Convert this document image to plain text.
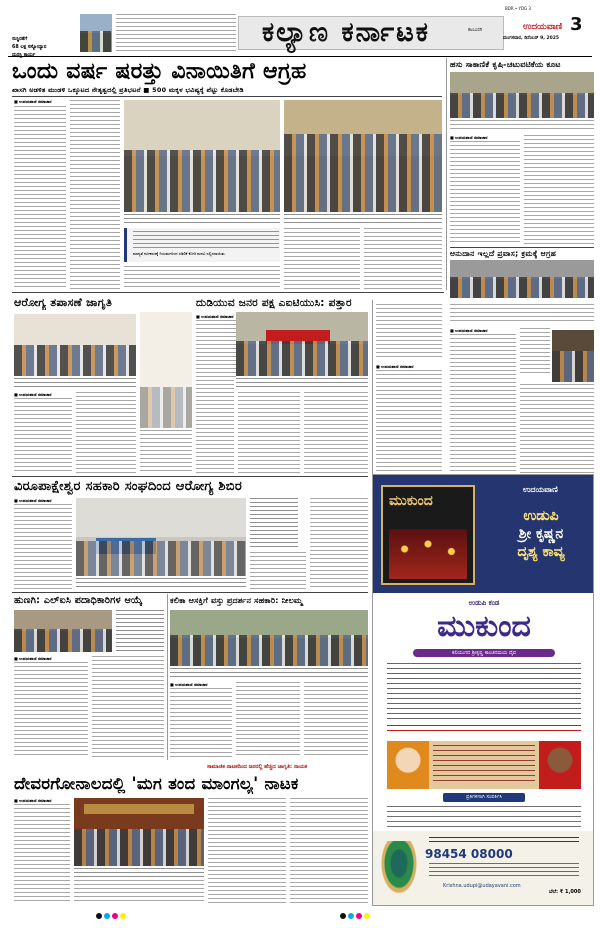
BDR • YDG 3
ಕಲ್ಯಾಣ ಕರ್ನಾಟಕ	3
ಕಲಬುರಗಿ	ಉದಯವಾಣಿ
ಮಂಗಳವಾರ, ಡಿಸೆಂಬರ್ 9, 2025
ಸುಸ್ಥಿರತೆಗೆ
68 ಲಕ್ಷ ಸಸ್ಯೋದ್ಯಾನ
ಒಂದು ವರ್ಷ ಷರತ್ತು ವಿನಾಯಿತಿಗೆ ಆಗ್ರಹ
ಖಾಸಗಿ ಅಡಳಿತ ಮಂಡಳಿ ಒಕ್ಕೂಟದ ನೇತೃತ್ವದಲ್ಲಿ ಪ್ರತಿಭಟನೆ ■ 500 ಮಕ್ಕಳ ಭವಿಷ್ಯಕ್ಕೆ ಪೆಟ್ಟು ಕೊಡಬೇಡಿ
■ ಉದಯವಾಣಿ ಸಮಾಚಾರ
ಮಾನ್ಯತೆ ನವೀಕರಣಕ್ಕೆ ನಿಯಮಗಳಿಂದ ಸಡಿಲಿಕೆ ಕೋರಿ ಮನವಿ ಸಲ್ಲಿಸಲಾಯಿತು.
ಹಸು ಸಾಕಾಣಿಕೆ ಕೃಷಿ-ಚಟುವಟಿಕೆಯ ಕೂಟ
■ ಉದಯವಾಣಿ ಸಮಾಚಾರ
ಆನುದಾನ ಇಲ್ಲದೆ ಪ್ರವಾಸ; ಕ್ರಮಕ್ಕೆ ಆಗ್ರಹ
ಆರೋಗ್ಯ ತಪಾಸಣೆ ಜಾಗೃತಿ	ದುಡಿಯುವ ಜನರ ಪಕ್ಷ ಎಐಟಿಯುಸಿ: ಪತ್ತಾರ
■ ಉದಯವಾಣಿ ಸಮಾಚಾರ
■ ಉದಯವಾಣಿ ಸಮಾಚಾರ
■ ಉದಯವಾಣಿ ಸಮಾಚಾರ
■ ಉದಯವಾಣಿ ಸಮಾಚಾರ
ವಿರೂಪಾಕ್ಷೇಶ್ವರ ಸಹಕಾರಿ ಸಂಘದಿಂದ ಆರೋಗ್ಯ ಶಿಬಿರ
■ ಉದಯವಾಣಿ ಸಮಾಚಾರ
ಹುಣಗಿ: ಎಲ್‌ಐಸಿ ಪದಾಧಿಕಾರಿಗಳ ಆಯ್ಕೆ	ಕಲಿಕಾ ಆಸಕ್ತಿಗೆ ವಸ್ತು ಪ್ರದರ್ಶನ ಸಹಕಾರಿ: ನೀಲಮ್ಮ
■ ಉದಯವಾಣಿ ಸಮಾಚಾರ
■ ಉದಯವಾಣಿ ಸಮಾಚಾರ
ಸಾಮಾಜಿಕ ನಾಟಕದಿಂದ ಜನರಲ್ಲಿ ಹೆಚ್ಚಿದ ಜಾಗೃತಿ: ನಾಯಕ
ದೇವರಗೋನಾಲದಲ್ಲಿ 'ಮಗ ತಂದ ಮಾಂಗಲ್ಯ' ನಾಟಕ
■ ಉದಯವಾಣಿ ಸಮಾಚಾರ
ಮುಕುಂದ
ಉದಯವಾಣಿ
ಉಡುಪಿ
ಶ್ರೀ ಕೃಷ್ಣನ
ದೃಶ್ಯ ಕಾವ್ಯ
ಉಡುಪಿ ಕಂಡ
ಮುಕುಂದ
ಕಲಿಯುಗದ ಶ್ರೀಕೃಷ್ಣ ಕಾಂಚನಮಯ ದೈವ
ಪ್ರತಿಗಳಿಗಾಗಿ ಸಂಪರ್ಕಿಸಿ
98454 08000
Krishna.udupi@udayavani.com
ಬೆಲೆ: ₹ 1,000
